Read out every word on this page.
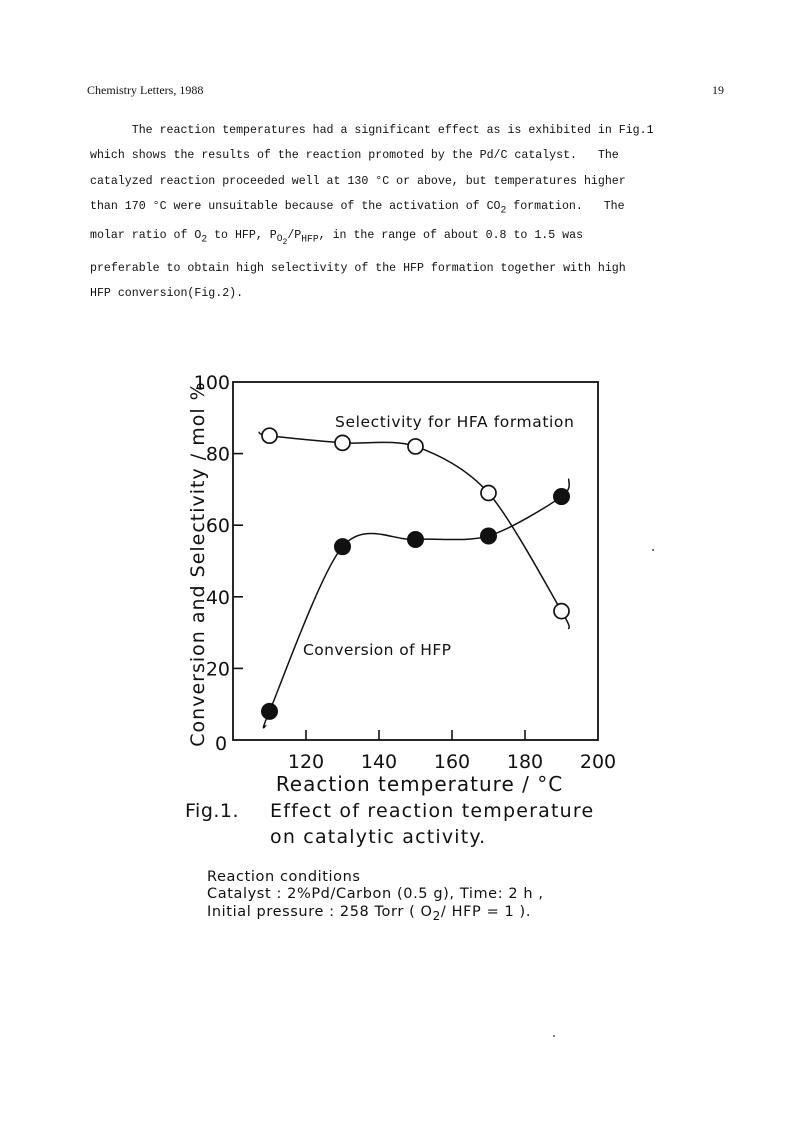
Chemistry Letters, 1988	19
The reaction temperatures had a significant effect as is exhibited in Fig.1
which shows the results of the reaction promoted by the Pd/C catalyst.   The
catalyzed reaction proceeded well at 130 °C or above, but temperatures higher
than 170 °C were unsuitable because of the activation of $CO_2$ formation.   The
molar ratio of $O_2$ to HFP, $P_{O_2}/P_{HFP}$, in the range of about 0.8 to 1.5 was
preferable to obtain high selectivity of the HFP formation together with high
HFP conversion(Fig.2).
120 140 160 180 200
0
20
40
60
80
100
Reaction temperature / °C
Conversion and Selectivity / mol %	Selectivity for HFA formation
Conversion of HFP
Fig.1. Effect of reaction temperature
on catalytic activity.
Reaction conditions
Catalyst : 2%Pd/Carbon (0.5 g), Time: 2 h ,
Initial pressure : 258 Torr ( $O_2/$ HFP = 1 ).
